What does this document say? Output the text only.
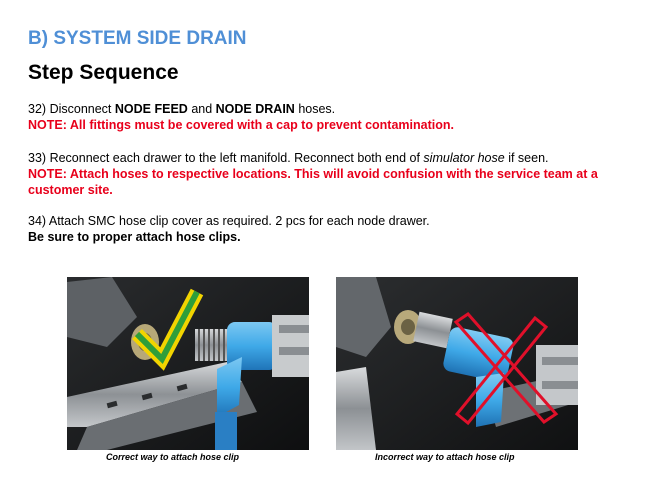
B) SYSTEM SIDE DRAIN
Step Sequence

32) Disconnect NODE FEED and NODE DRAIN hoses.

NOTE: All fittings must be covered with a cap to prevent contamination.

33) Reconnect each drawer to the left manifold. Reconnect both end of simulator hose if seen.

NOTE: Attach hoses to respective locations. This will avoid confusion with the service team at a customer site.

34) Attach SMC hose clip cover as required. 2 pcs for each node drawer.

Be sure to proper attach hose clips.

Correct way to attach hose clip	Incorrect way to attach hose clip
